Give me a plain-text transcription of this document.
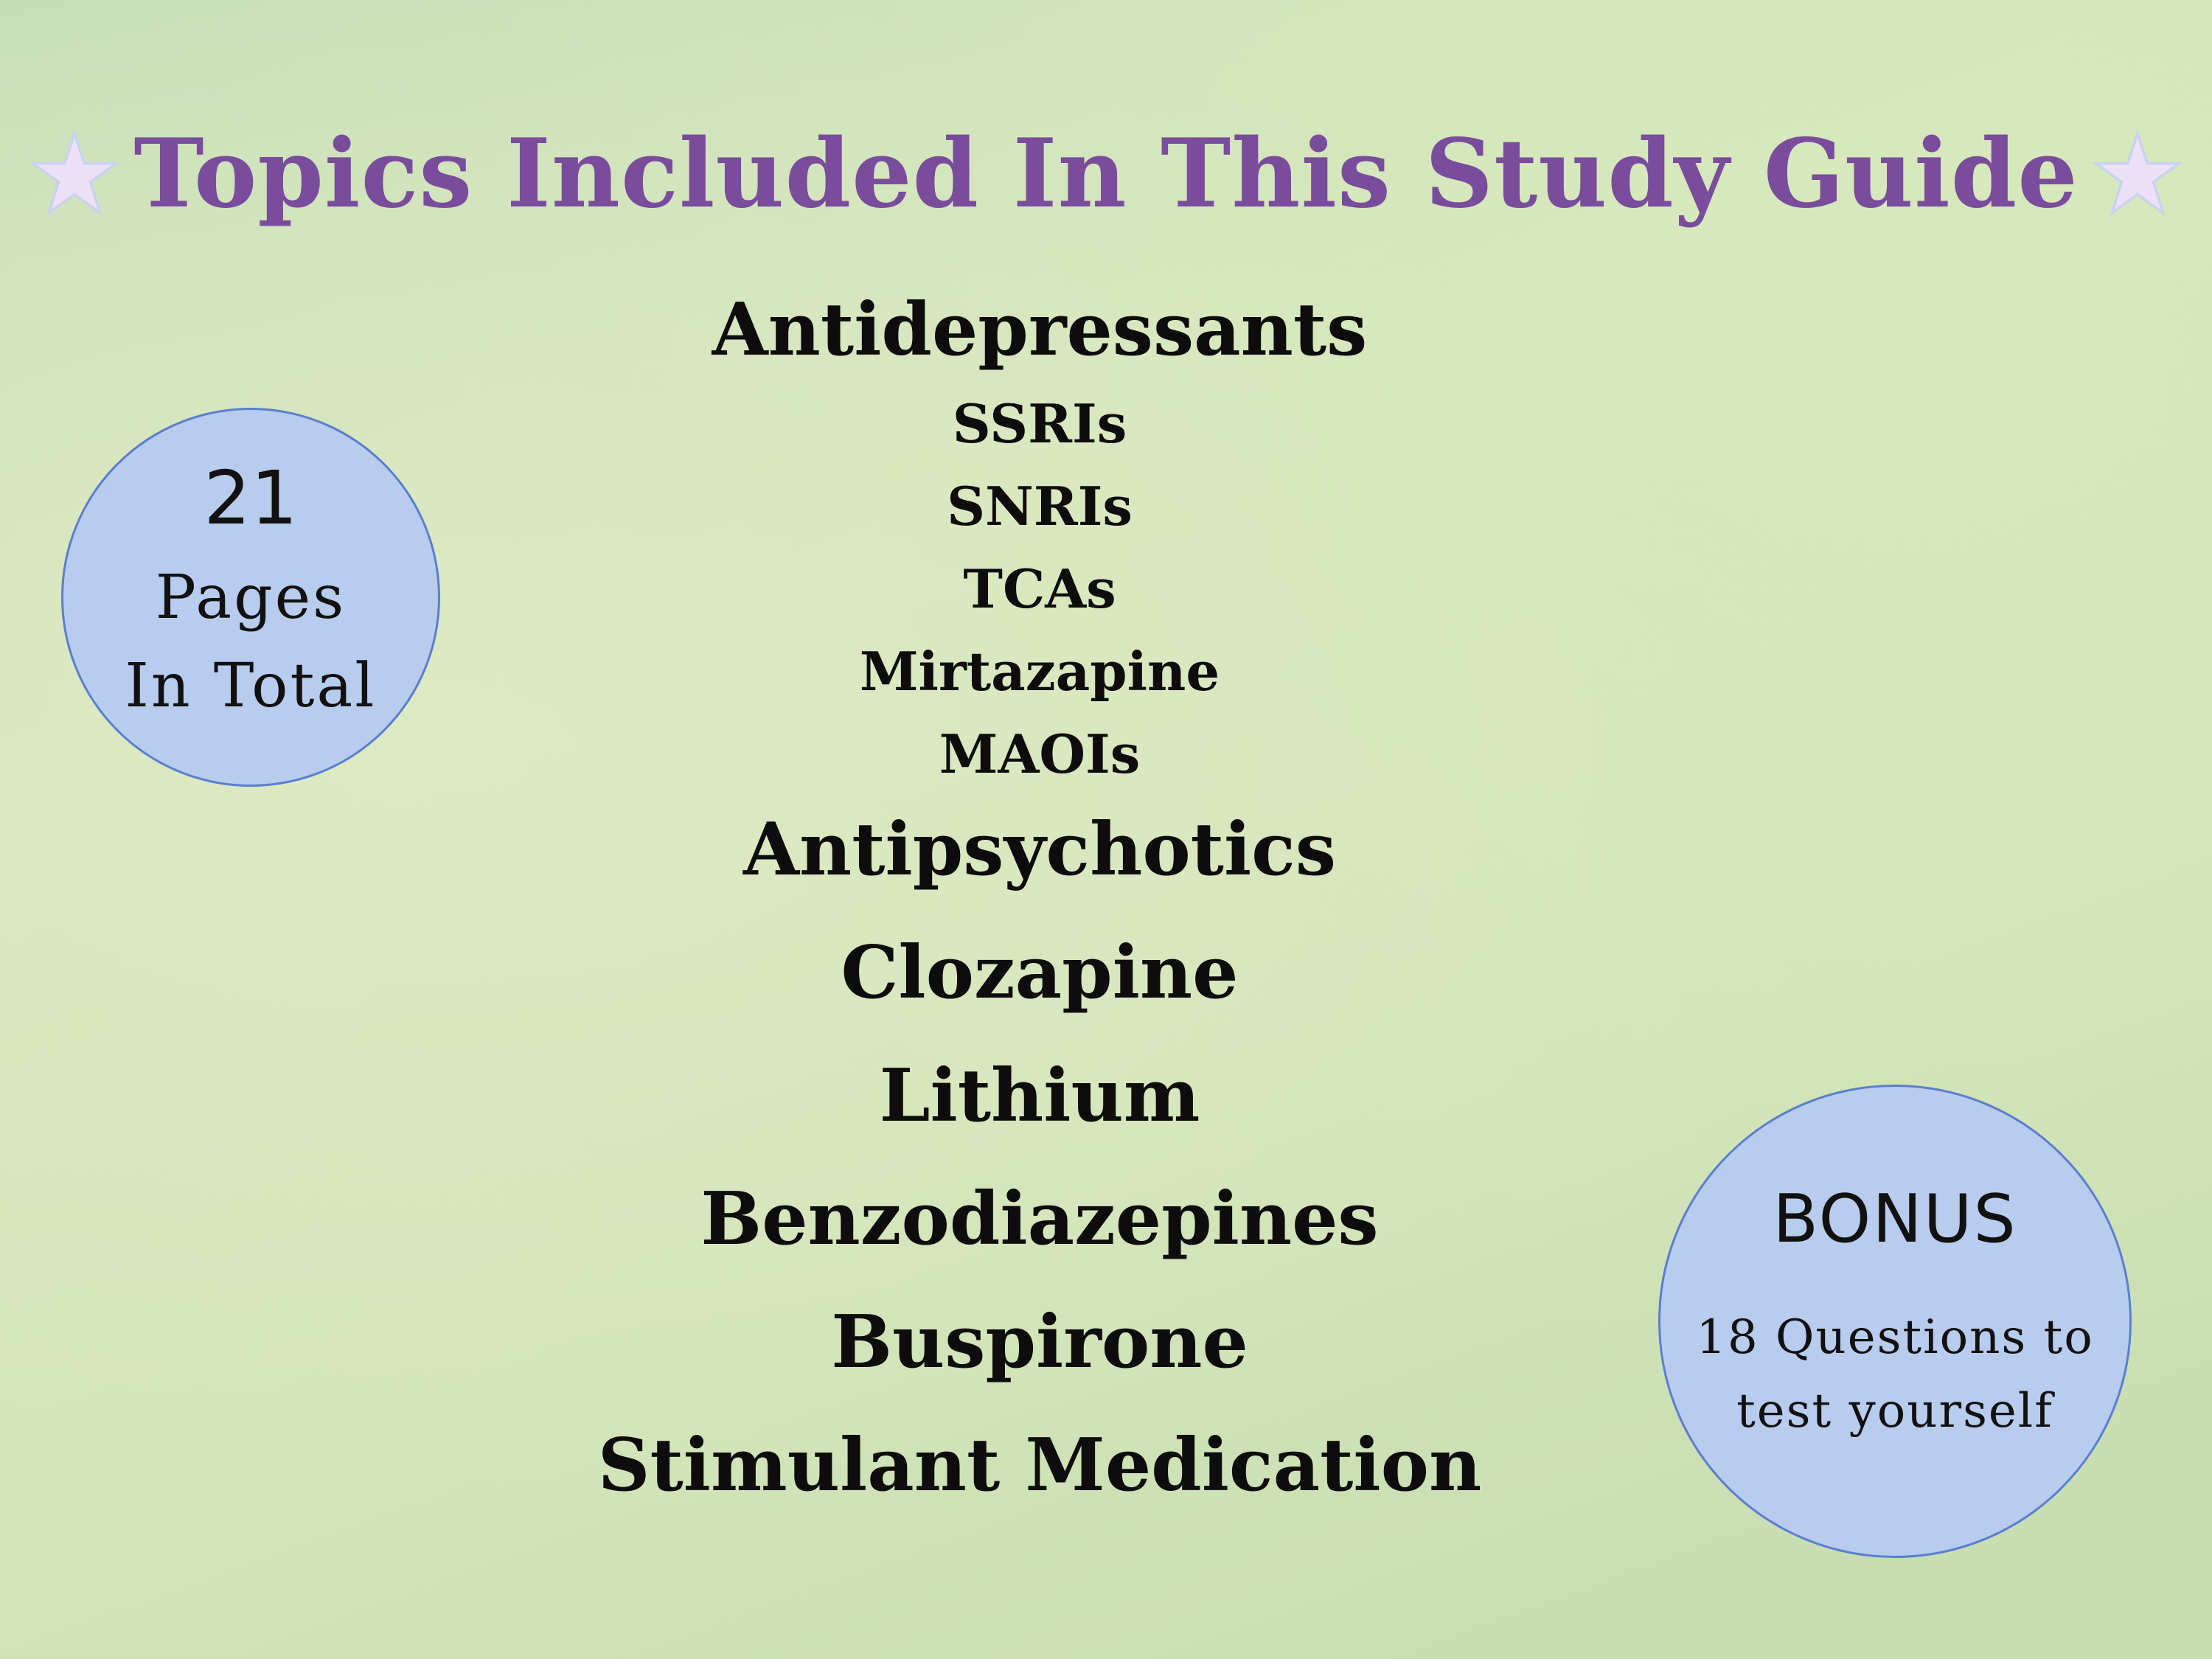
Topics Included In This Study Guide
Antidepressants
SSRIs
SNRIs
TCAs
Mirtazapine
MAOIs
Antipsychotics
Clozapine
Lithium
Benzodiazepines
Buspirone
Stimulant Medication
21
Pages
In Total
BONUS
18 Questions to
test yourself
